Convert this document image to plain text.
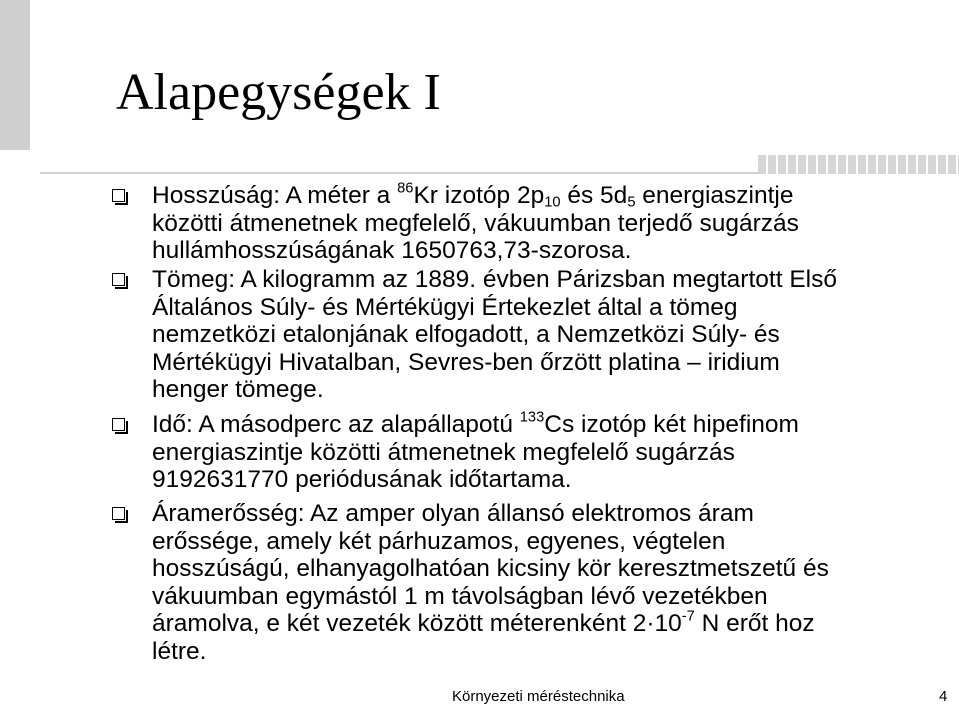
Alapegységek I

Hosszúság: A méter a $^{86}$Kr izotóp $2p_{10}$ és $5d_5$ energiaszintje
közötti átmenetnek megfelelő, vákuumban terjedő sugárzás
hullámhosszúságának 1650763,73-szorosa.

Tömeg: A kilogramm az 1889. évben Párizsban megtartott Első
Általános Súly- és Mértékügyi Értekezlet által a tömeg
nemzetközi etalonjának elfogadott, a Nemzetközi Súly- és
Mértékügyi Hivatalban, Sevres-ben őrzött platina – iridium
henger tömege.

Idő: A másodperc az alapállapotú $^{133}$Cs izotóp két hipefinom
energiaszintje közötti átmenetnek megfelelő sugárzás
9192631770 periódusának időtartama.

Áramerősség: Az amper olyan állansó elektromos áram
erőssége, amely két párhuzamos, egyenes, végtelen
hosszúságú, elhanyagolhatóan kicsiny kör keresztmetszetű és
vákuumban egymástól 1 m távolságban lévő vezetékben
áramolva, e két vezeték között méterenként $2\cdot 10^{-7}$ N erőt hoz
létre.

Környezeti méréstechnika	4
